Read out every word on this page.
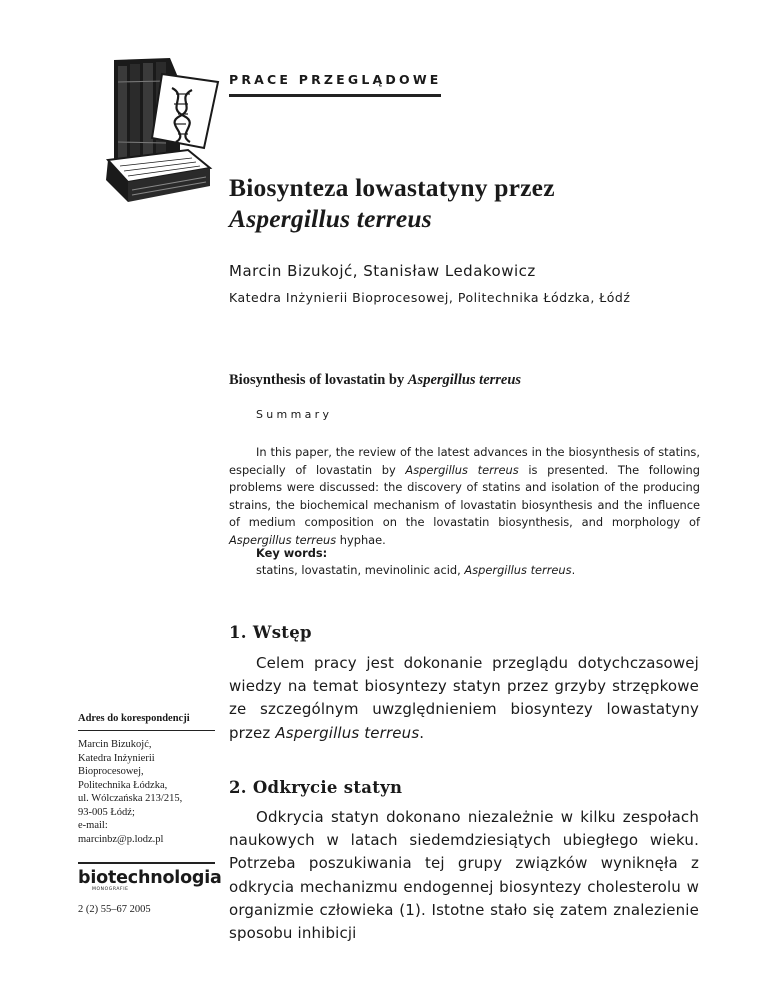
PRACE PRZEGLĄDOWE
Biosynteza lowastatyny przez
Aspergillus terreus
Marcin Bizukojć, Stanisław Ledakowicz
Katedra Inżynierii Bioprocesowej, Politechnika Łódzka, Łódź
Biosynthesis of lovastatin by Aspergillus terreus
Summary
In this paper, the review of the latest advances in the biosynthesis of statins, especially of lovastatin by Aspergillus terreus is presented. The following problems were discussed: the discovery of statins and isolation of the producing strains, the biochemical mechanism of lovastatin biosynthesis and the influence of medium composition on the lovastatin biosynthesis, and morphology of Aspergillus terreus hyphae.
Key words:
statins, lovastatin, mevinolinic acid, Aspergillus terreus.
1. Wstęp
Celem pracy jest dokonanie przeglądu dotychczasowej wiedzy na temat biosyntezy statyn przez grzyby strzępkowe ze szczególnym uwzględnieniem biosyntezy lowastatyny przez Aspergillus terreus.
2. Odkrycie statyn
Odkrycia statyn dokonano niezależnie w kilku zespołach naukowych w latach siedemdziesiątych ubiegłego wieku. Potrzeba poszukiwania tej grupy związków wyniknęła z odkrycia mechanizmu endogennej biosyntezy cholesterolu w organizmie człowieka (1). Istotne stało się zatem znalezienie sposobu inhibicji
Adres do korespondencji
Marcin Bizukojć,
Katedra Inżynierii
Bioprocesowej,
Politechnika Łódzka,
ul. Wólczańska 213/215,
93-005 Łódź;
e-mail:
marcinbz@p.lodz.pl
biotechnologia
MONOGRAFIE
2 (2) 55–67 2005
